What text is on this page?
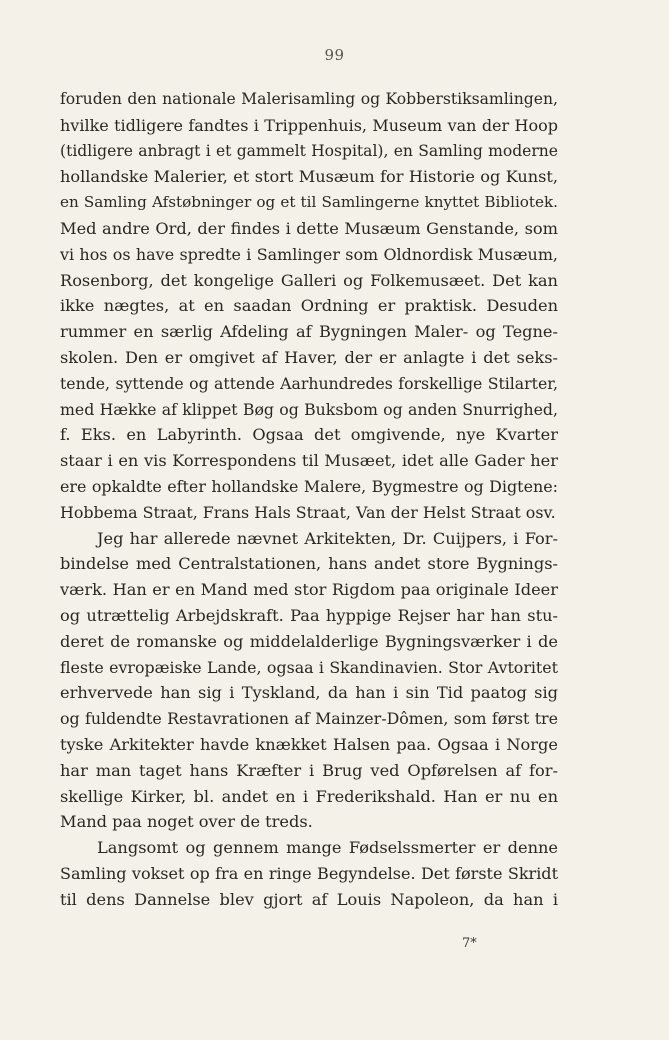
99
foruden den nationale Malerisamling og Kobberstiksamlingen,
hvilke tidligere fandtes i Trippenhuis, Museum van der Hoop
(tidligere anbragt i et gammelt Hospital), en Samling moderne
hollandske Malerier, et stort Musæum for Historie og Kunst,
en Samling Afstøbninger og et til Samlingerne knyttet Bibliotek.
Med andre Ord, der findes i dette Musæum Genstande, som
vi hos os have spredte i Samlinger som Oldnordisk Musæum,
Rosenborg, det kongelige Galleri og Folkemusæet. Det kan
ikke nægtes, at en saadan Ordning er praktisk. Desuden
rummer en særlig Afdeling af Bygningen Maler- og Tegne-
skolen. Den er omgivet af Haver, der er anlagte i det seks-
tende, syttende og attende Aarhundredes forskellige Stilarter,
med Hække af klippet Bøg og Buksbom og anden Snurrighed,
f. Eks. en Labyrinth. Ogsaa det omgivende, nye Kvarter
staar i en vis Korrespondens til Musæet, idet alle Gader her
ere opkaldte efter hollandske Malere, Bygmestre og Digtene:
Hobbema Straat, Frans Hals Straat, Van der Helst Straat osv.
Jeg har allerede nævnet Arkitekten, Dr. Cuijpers, i For-
bindelse med Centralstationen, hans andet store Bygnings-
værk. Han er en Mand med stor Rigdom paa originale Ideer
og utrættelig Arbejdskraft. Paa hyppige Rejser har han stu-
deret de romanske og middelalderlige Bygningsværker i de
fleste evropæiske Lande, ogsaa i Skandinavien. Stor Avtoritet
erhvervede han sig i Tyskland, da han i sin Tid paatog sig
og fuldendte Restavrationen af Mainzer-Dômen, som først tre
tyske Arkitekter havde knækket Halsen paa. Ogsaa i Norge
har man taget hans Kræfter i Brug ved Opførelsen af for-
skellige Kirker, bl. andet en i Frederikshald. Han er nu en
Mand paa noget over de treds.
Langsomt og gennem mange Fødselssmerter er denne
Samling vokset op fra en ringe Begyndelse. Det første Skridt
til dens Dannelse blev gjort af Louis Napoleon, da han i
7*
